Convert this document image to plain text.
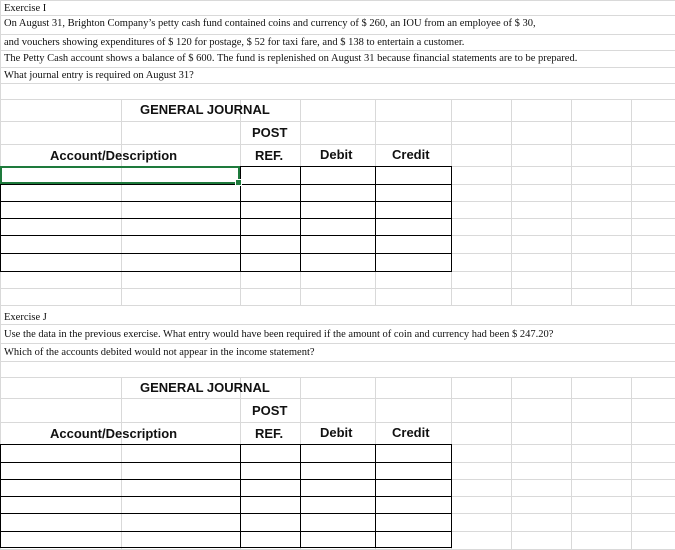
Exercise I
On August 31, Brighton Company’s petty cash fund contained coins and currency of $ 260, an IOU from an employee of $ 30,
and vouchers showing expenditures of $ 120 for postage, $ 52 for taxi fare, and $ 138 to entertain a customer.
The Petty Cash account shows a balance of $ 600. The fund is replenished on August 31 because financial statements are to be prepared.
What journal entry is required on August 31?
GENERAL JOURNAL
POST
Account/Description	REF.	Debit	Credit
Exercise J
Use the data in the previous exercise. What entry would have been required if the amount of coin and currency had been $ 247.20?
Which of the accounts debited would not appear in the income statement?
GENERAL JOURNAL
POST
Account/Description	REF.	Debit	Credit
